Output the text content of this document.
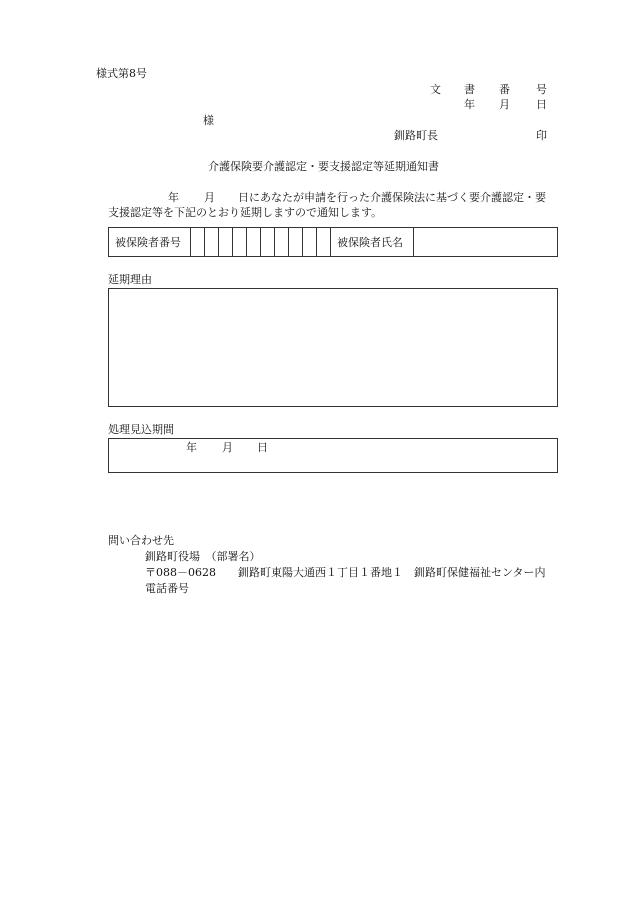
様式第8号
文 書 番 号
年 月 日
様
釧路町長	印
介護保険要介護認定・要支援認定等延期通知書
年 月 日にあなたが申請を行った介護保険法に基づく要介護認定・要
支援認定等を下記のとおり延期しますので通知します。
被保険者番号	被保険者氏名
延期理由
処理見込期間
年 月 日
問い合わせ先
釧路町役場　（部署名）
〒088－0628　　釧路町東陽大通西１丁目１番地１　釧路町保健福祉センター内
電話番号
